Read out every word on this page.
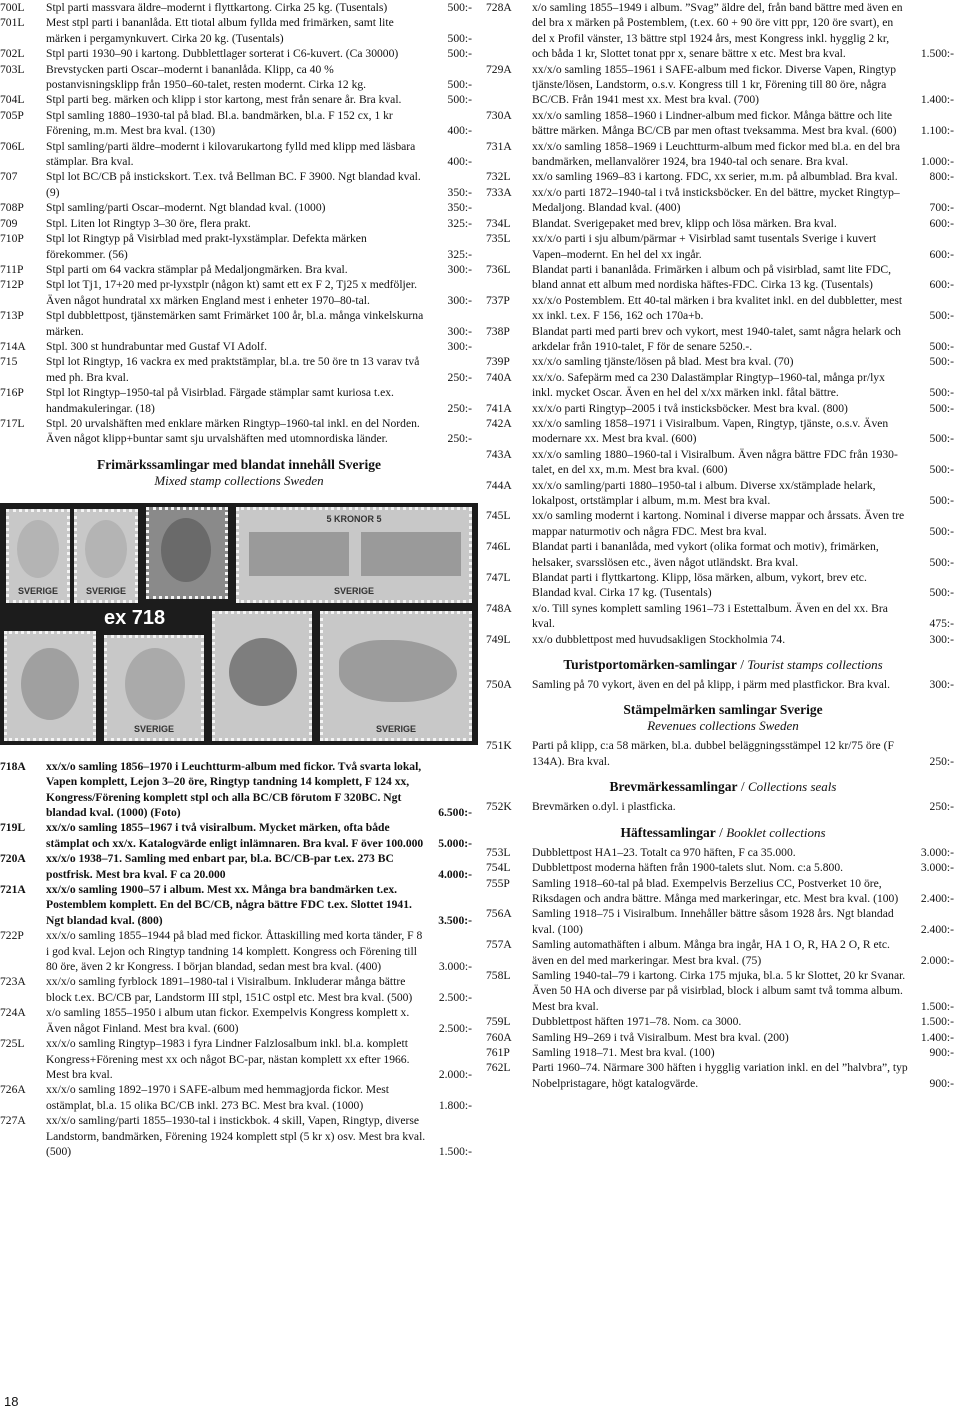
700L	Stpl parti massvara äldre–modernt i flyttkartong. Cirka 25 kg. (Tusentals)	500:-
701L	Mest stpl parti i bananlåda. Ett tiotal album fyllda med frimärken, samt lite märken i pergamynkuvert. Cirka 20 kg. (Tusentals)	500:-
702L	Stpl parti 1930–90 i kartong. Dubblettlager sorterat i C6-kuvert. (Ca 30000)	500:-
703L	Brevstycken parti Oscar–modernt i bananlåda. Klipp, ca 40 % postanvisningsklipp från 1950–60-talet, resten modernt. Cirka 12 kg.	500:-
704L	Stpl parti beg. märken och klipp i stor kartong, mest från senare år. Bra kval.	500:-
705P	Stpl samling 1880–1930-tal på blad. Bl.a. bandmärken, bl.a. F 152 cx, 1 kr Förening, m.m. Mest bra kval. (130)	400:-
706L	Stpl samling/parti äldre–modernt i kilovarukartong fylld med klipp med läsbara stämplar. Bra kval.	400:-
707	Stpl lot BC/CB på instickskort. T.ex. två Bellman BC. F 3900. Ngt blandad kval. (9)	350:-
708P	Stpl samling/parti Oscar–modernt. Ngt blandad kval. (1000)	350:-
709	Stpl. Liten lot Ringtyp 3–30 öre, flera prakt.	325:-
710P	Stpl lot Ringtyp på Visirblad med prakt-lyxstämplar. Defekta märken förekommer. (56)	325:-
711P	Stpl parti om 64 vackra stämplar på Medaljongmärken. Bra kval.	300:-
712P	Stpl lot Tj1, 17+20 med pr-lyxstplr (någon kt) samt ett ex F 2, Tj25 x medföljer. Även något hundratal xx märken England mest i enheter 1970–80-tal.	300:-
713P	Stpl dubblettpost, tjänstemärken samt Frimärket 100 år, bl.a. många vinkelskurna märken.	300:-
714A	Stpl. 300 st hundrabuntar med Gustaf VI Adolf.	300:-
715	Stpl lot Ringtyp, 16 vackra ex med praktstämplar, bl.a. tre 50 öre tn 13 varav två med ph. Bra kval.	250:-
716P	Stpl lot Ringtyp–1950-tal på Visirblad. Färgade stämplar samt kuriosa t.ex. handmakuleringar. (18)	250:-
717L	Stpl. 20 urvalshäften med enklare märken Ringtyp–1960-tal inkl. en del Norden. Även något klipp+buntar samt sju urvalshäften med utomnordiska länder.	250:-
Frimärkssamlingar med blandat innehåll Sverige
Mixed stamp collections Sweden
SVERIGE	SVERIGE
5 KRONOR 5
SVERIGE
SVERIGE	SVERIGE
ex 718
718A	xx/x/o samling 1856–1970 i Leuchtturm-album med fickor. Två svarta lokal, Vapen komplett, Lejon 3–20 öre, Ringtyp tandning 14 komplett, F 124 xx, Kongress/Förening komplett stpl och alla BC/CB förutom F 320BC. Ngt blandad kval. (1000) (Foto)	6.500:-
719L	xx/x/o samling 1855–1967 i två visiralbum. Mycket märken, ofta både stämplat och xx/x. Katalogvärde enligt inlämnaren. Bra kval. F över 100.000 5.000:-
720A	xx/x/o 1938–71. Samling med enbart par, bl.a. BC/CB-par t.ex. 273 BC postfrisk. Mest bra kval. F ca 20.000	4.000:-
721A	xx/x/o samling 1900–57 i album. Mest xx. Många bra bandmärken t.ex. Postemblem komplett. En del BC/CB, några bättre FDC t.ex. Slottet 1941. Ngt blandad kval. (800)	3.500:-
722P	xx/x/o samling 1855–1944 på blad med fickor. Åttaskilling med korta tänder, F 8 i god kval. Lejon och Ringtyp tandning 14 komplett. Kongress och Förening till 80 öre, även 2 kr Kongress. I början blandad, sedan mest bra kval. (400)	3.000:-
723A	xx/x/o samling fyrblock 1891–1980-tal i Visiralbum. Inkluderar många bättre block t.ex. BC/CB par, Landstorm III stpl, 151C ostpl etc. Mest bra kval. (500) 2.500:-
724A	x/o samling 1855–1950 i album utan fickor. Exempelvis Kongress komplett x. Även något Finland. Mest bra kval. (600)	2.500:-
725L	xx/x/o samling Ringtyp–1983 i fyra Lindner Falzlosalbum inkl. bl.a. komplett Kongress+Förening mest xx och något BC-par, nästan komplett xx efter 1966. Mest bra kval.	2.000:-
726A	xx/x/o samling 1892–1970 i SAFE-album med hemmagjorda fickor. Mest ostämplat, bl.a. 15 olika BC/CB inkl. 273 BC. Mest bra kval. (1000)	1.800:-
727A	xx/x/o samling/parti 1855–1930-tal i instickbok. 4 skill, Vapen, Ringtyp, diverse Landstorm, bandmärken, Förening 1924 komplett stpl (5 kr x) osv. Mest bra kval. (500)	1.500:-
728A	x/o samling 1855–1949 i album. ”Svag” äldre del, från band bättre med även en del bra x märken på Postemblem, (t.ex. 60 + 90 öre vitt ppr, 120 öre svart), en del x Profil vänster, 13 bättre stpl 1924 års, mest Kongress inkl. hygglig 2 kr, och båda 1 kr, Slottet tonat ppr x, senare bättre x etc. Mest bra kval.	1.500:-
729A	xx/x/o samling 1855–1961 i SAFE-album med fickor. Diverse Vapen, Ringtyp tjänste/lösen, Landstorm, o.s.v. Kongress till 1 kr, Förening till 80 öre, några BC/CB. Från 1941 mest xx. Mest bra kval. (700)	1.400:-
730A	xx/x/o samling 1858–1960 i Lindner-album med fickor. Många bättre och lite bättre märken. Många BC/CB par men oftast tveksamma. Mest bra kval. (600) 1.100:-
731A	xx/x/o samling 1858–1969 i Leuchtturm-album med fickor med bl.a. en del bra bandmärken, mellanvalörer 1924, bra 1940-tal och senare. Bra kval.	1.000:-
732L	xx/o samling 1969–83 i kartong. FDC, xx serier, m.m. på albumblad. Bra kval.	800:-
733A	xx/x/o parti 1872–1940-tal i två insticksböcker. En del bättre, mycket Ringtyp–Medaljong. Blandad kval. (400)	700:-
734L	Blandat. Sverigepaket med brev, klipp och lösa märken. Bra kval.	600:-
735L	xx/x/o parti i sju album/pärmar + Visirblad samt tusentals Sverige i kuvert Vapen–modernt. En hel del xx ingår.	600:-
736L	Blandat parti i bananlåda. Frimärken i album och på visirblad, samt lite FDC, bland annat ett album med nordiska häftes-FDC. Cirka 13 kg. (Tusentals)	600:-
737P	xx/x/o Postemblem. Ett 40-tal märken i bra kvalitet inkl. en del dubbletter, mest xx inkl. t.ex. F 156, 162 och 170a+b.	500:-
738P	Blandat parti med parti brev och vykort, mest 1940-talet, samt några helark och arkdelar från 1910-talet, F för de senare 5250.-.	500:-
739P	xx/x/o samling tjänste/lösen på blad. Mest bra kval. (70)	500:-
740A	xx/x/o. Safepärm med ca 230 Dalastämplar Ringtyp–1960-tal, många pr/lyx inkl. mycket Oscar. Även en hel del x/xx märken inkl. fåtal bättre.	500:-
741A	xx/x/o parti Ringtyp–2005 i två insticksböcker. Mest bra kval. (800)	500:-
742A	xx/x/o samling 1858–1971 i Visiralbum. Vapen, Ringtyp, tjänste, o.s.v. Även modernare xx. Mest bra kval. (600)	500:-
743A	xx/x/o samling 1880–1960-tal i Visiralbum. Även några bättre FDC från 1930-talet, en del xx, m.m. Mest bra kval. (600)	500:-
744A	xx/x/o samling/parti 1880–1950-tal i album. Diverse xx/stämplade helark, lokalpost, ortstämplar i album, m.m. Mest bra kval.	500:-
745L	xx/o samling modernt i kartong. Nominal i diverse mappar och årssats. Även tre mappar naturmotiv och några FDC. Mest bra kval.	500:-
746L	Blandat parti i bananlåda, med vykort (olika format och motiv), frimärken, helsaker, svarsslösen etc., även något utländskt. Bra kval.	500:-
747L	Blandat parti i flyttkartong. Klipp, lösa märken, album, vykort, brev etc. Blandad kval. Cirka 17 kg. (Tusentals)	500:-
748A	x/o. Till synes komplett samling 1961–73 i Estettalbum. Även en del xx. Bra kval.	475:-
749L	xx/o dubblettpost med huvudsakligen Stockholmia 74.	300:-
Turistportomärken-samlingar / Tourist stamps collections
750A	Samling på 70 vykort, även en del på klipp, i pärm med plastfickor. Bra kval.	300:-
Stämpelmärken samlingar Sverige
Revenues collections Sweden
751K	Parti på klipp, c:a 58 märken, bl.a. dubbel beläggningsstämpel 12 kr/75 öre (F 134A). Bra kval.	250:-
Brevmärkessamlingar / Collections seals
752K	Brevmärken o.dyl. i plastficka.	250:-
Häftessamlingar / Booklet collections
753L	Dubblettpost HA1–23. Totalt ca 970 häften, F ca 35.000.	3.000:-
754L	Dubblettpost moderna häften från 1900-talets slut. Nom. c:a 5.800.	3.000:-
755P	Samling 1918–60-tal på blad. Exempelvis Berzelius CC, Postverket 10 öre, Riksdagen och andra bättre. Många med markeringar, etc. Mest bra kval. (100) 2.400:-
756A	Samling 1918–75 i Visiralbum. Innehåller bättre såsom 1928 års. Ngt blandad kval. (100)	2.400:-
757A	Samling automathäften i album. Många bra ingår, HA 1 O, R, HA 2 O, R etc. även en del med markeringar. Mest bra kval. (75)	2.000:-
758L	Samling 1940-tal–79 i kartong. Cirka 175 mjuka, bl.a. 5 kr Slottet, 20 kr Svanar. Även 50 HA och diverse par på visirblad, block i album samt två tomma album. Mest bra kval.	1.500:-
759L	Dubblettpost häften 1971–78. Nom. ca 3000.	1.500:-
760A	Samling H9–269 i två Visiralbum. Mest bra kval. (200)	1.400:-
761P	Samling 1918–71. Mest bra kval. (100)	900:-
762L	Parti 1960–74. Närmare 300 häften i hygglig variation inkl. en del ”halvbra”, typ Nobelpristagare, högt katalogvärde.	900:-
18
